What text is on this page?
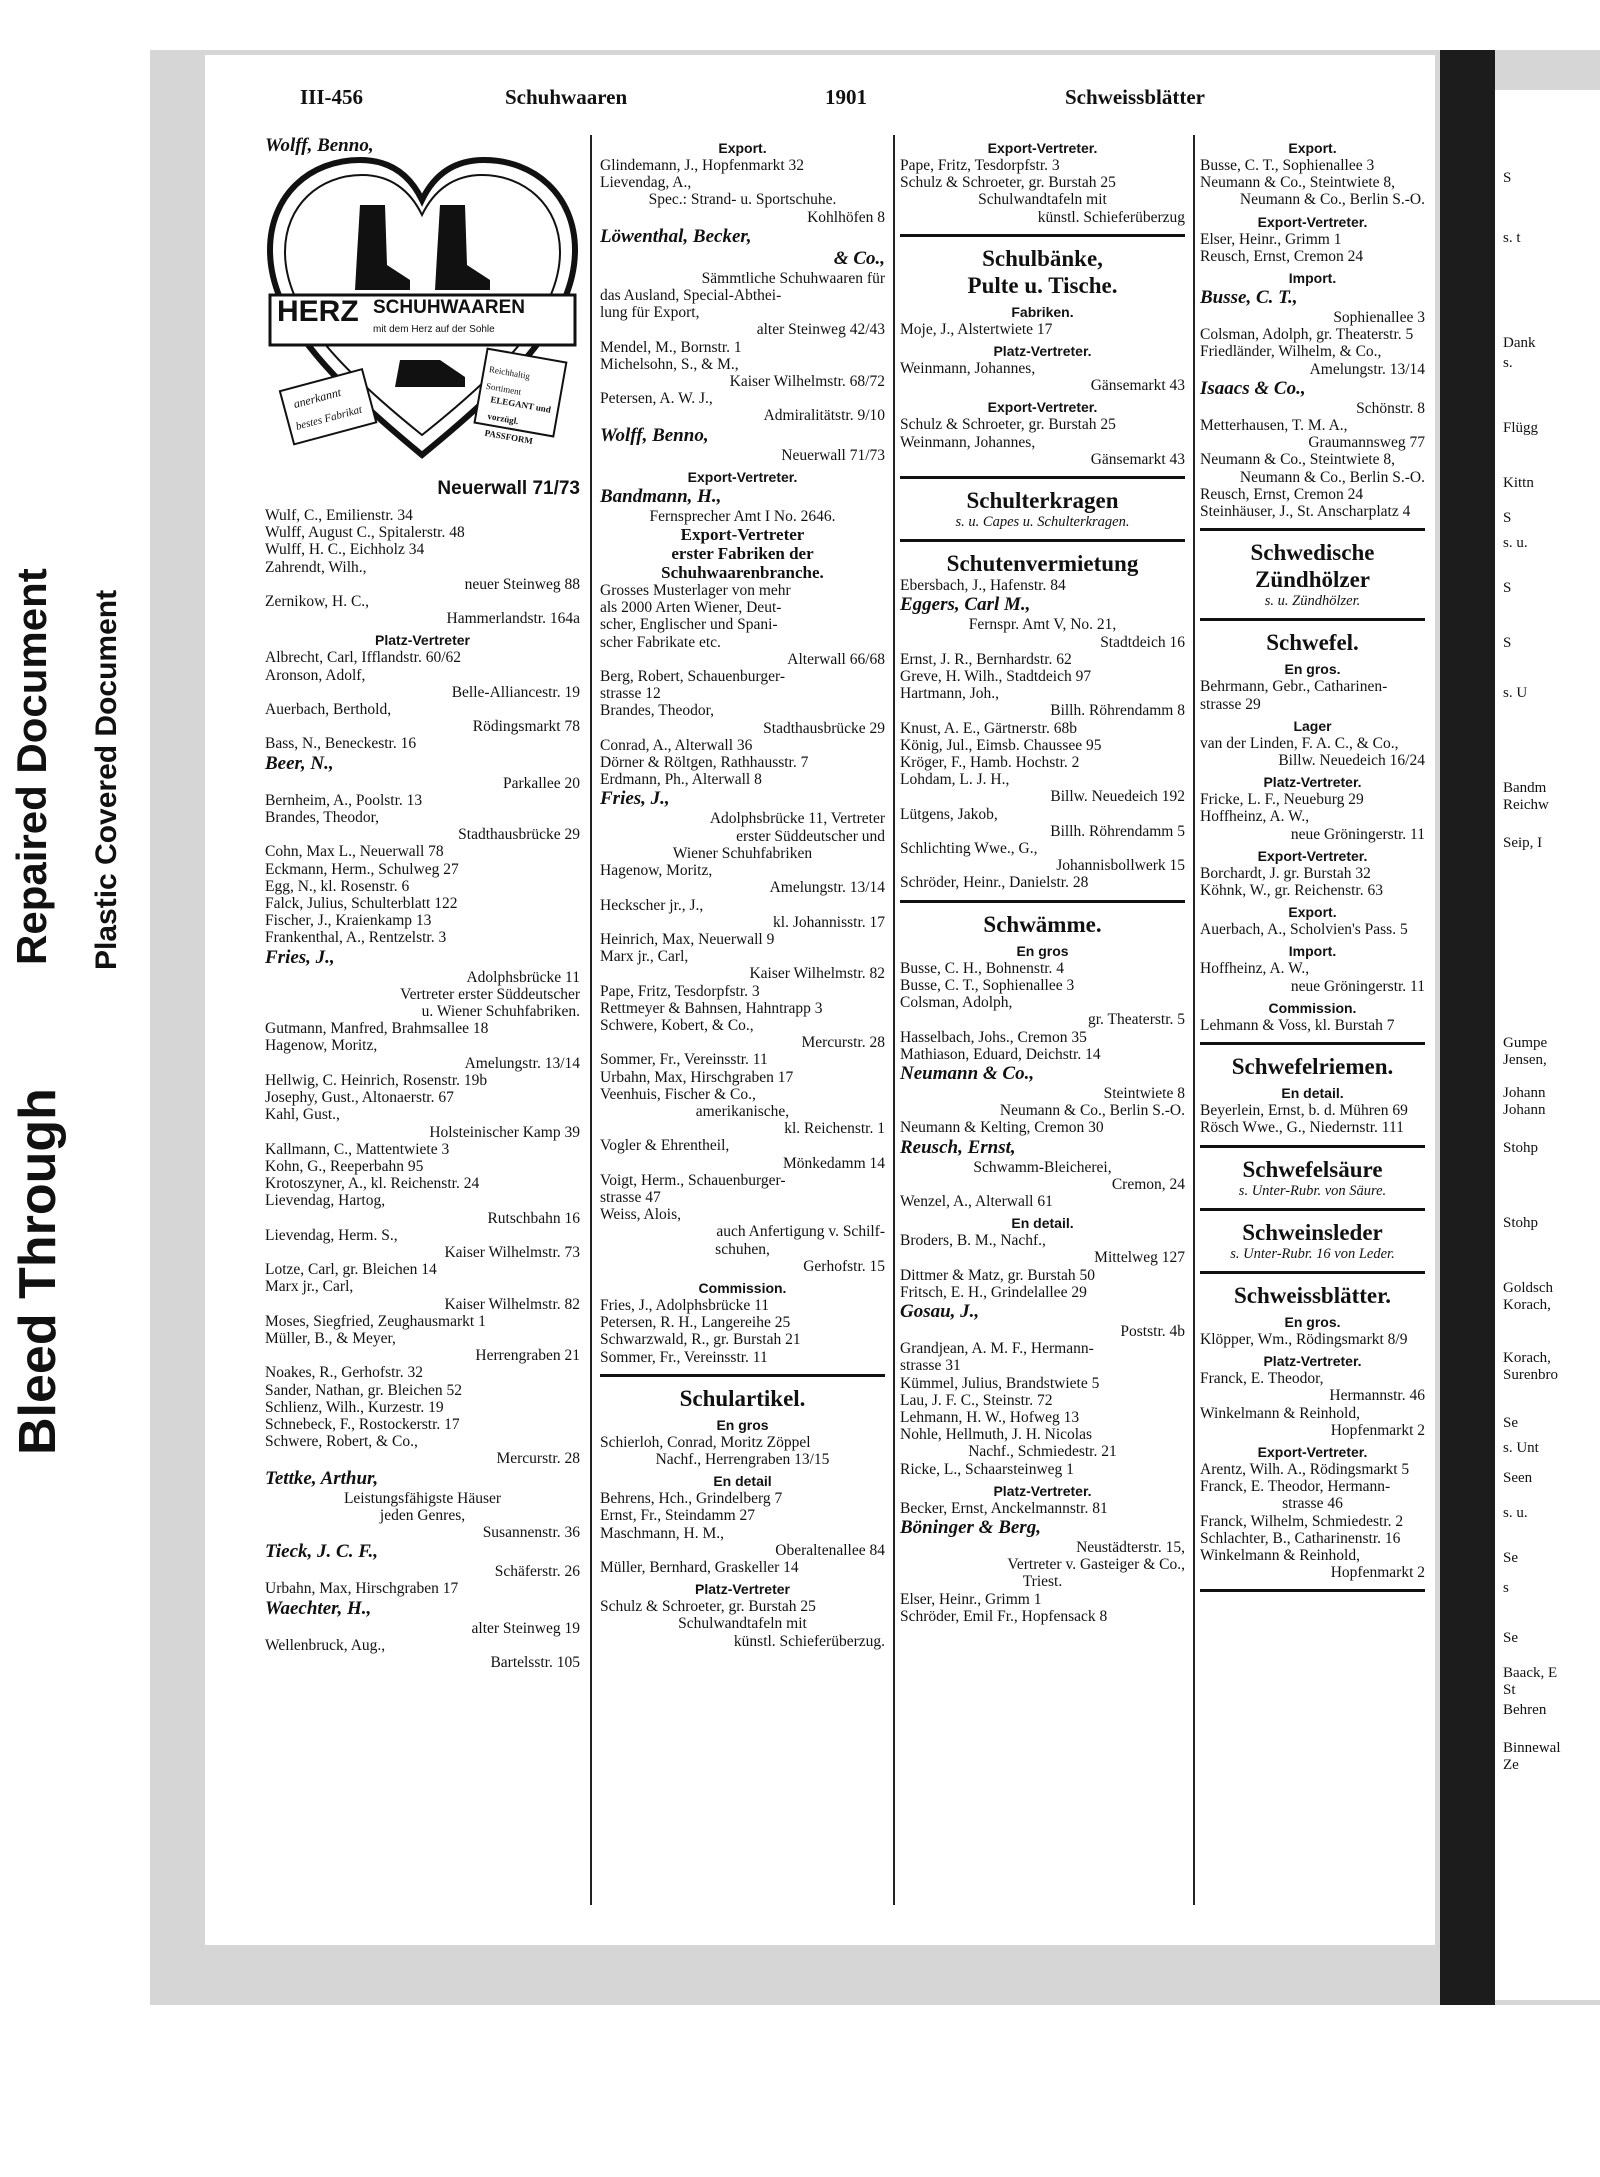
Bleed Through
Repaired Document Plastic Covered Document
III-456	Schuhwaaren	1901	Schweissblätter
Wolff, Benno,
HERZ SCHUHWAAREN
mit dem Herz auf der Sohle
anerkannt
bestes Fabrikat
Reichhaltig Sortiment
ELEGANT und vorzügl. PASSFORM
Neuerwall 71/73
Wulf, C., Emilienstr. 34
Wulff, August C., Spitalerstr. 48
Wulff, H. C., Eichholz 34
Zahrendt, Wilh.,
neuer Steinweg 88
Zernikow, H. C.,
Hammerlandstr. 164a
Platz-Vertreter
Albrecht, Carl, Ifflandstr. 60/62
Aronson, Adolf,
Belle-Alliancestr. 19
Auerbach, Berthold,
Rödingsmarkt 78
Bass, N., Beneckestr. 16
Beer, N.,
Parkallee 20
Bernheim, A., Poolstr. 13
Brandes, Theodor,
Stadthausbrücke 29
Cohn, Max L., Neuerwall 78
Eckmann, Herm., Schulweg 27
Egg, N., kl. Rosenstr. 6
Falck, Julius, Schulterblatt 122
Fischer, J., Kraienkamp 13
Frankenthal, A., Rentzelstr. 3
Fries, J.,
Adolphsbrücke 11
Vertreter erster Süddeutscher
u. Wiener Schuhfabriken.
Gutmann, Manfred, Brahmsallee 18
Hagenow, Moritz,
Amelungstr. 13/14
Hellwig, C. Heinrich, Rosenstr. 19b
Josephy, Gust., Altonaerstr. 67
Kahl, Gust.,
Holsteinischer Kamp 39
Kallmann, C., Mattentwiete 3
Kohn, G., Reeperbahn 95
Krotoszyner, A., kl. Reichenstr. 24
Lievendag, Hartog,
Rutschbahn 16
Lievendag, Herm. S.,
Kaiser Wilhelmstr. 73
Lotze, Carl, gr. Bleichen 14
Marx jr., Carl,
Kaiser Wilhelmstr. 82
Moses, Siegfried, Zeughausmarkt 1
Müller, B., & Meyer,
Herrengraben 21
Noakes, R., Gerhofstr. 32
Sander, Nathan, gr. Bleichen 52
Schlienz, Wilh., Kurzestr. 19
Schnebeck, F., Rostockerstr. 17
Schwere, Robert, & Co.,
Mercurstr. 28
Tettke, Arthur,
Leistungsfähigste Häuser
jeden Genres,
Susannenstr. 36
Tieck, J. C. F.,
Schäferstr. 26
Urbahn, Max, Hirschgraben 17
Waechter, H.,
alter Steinweg 19
Wellenbruck, Aug.,
Bartelsstr. 105
Export.
Glindemann, J., Hopfenmarkt 32
Lievendag, A.,
Spec.: Strand- u. Sportschuhe.
Kohlhöfen 8
Löwenthal, Becker,
& Co.,
Sämmtliche Schuhwaaren für
das Ausland, Special-Abthei-
lung für Export,
alter Steinweg 42/43
Mendel, M., Bornstr. 1
Michelsohn, S., & M.,
Kaiser Wilhelmstr. 68/72
Petersen, A. W. J.,
Admiralitätstr. 9/10
Wolff, Benno,
Neuerwall 71/73
Export-Vertreter.
Bandmann, H.,
Fernsprecher Amt I No. 2646.
Export-Vertreter
erster Fabriken der
Schuhwaarenbranche.
Grosses Musterlager von mehr
als 2000 Arten Wiener, Deut-
scher, Englischer und Spani-
scher Fabrikate etc.
Alterwall 66/68
Berg, Robert, Schauenburger-
strasse 12
Brandes, Theodor,
Stadthausbrücke 29
Conrad, A., Alterwall 36
Dörner & Röltgen, Rathhausstr. 7
Erdmann, Ph., Alterwall 8
Fries, J.,
Adolphsbrücke 11, Vertreter
erster Süddeutscher und
Wiener Schuhfabriken
Hagenow, Moritz,
Amelungstr. 13/14
Heckscher jr., J.,
kl. Johannisstr. 17
Heinrich, Max, Neuerwall 9
Marx jr., Carl,
Kaiser Wilhelmstr. 82
Pape, Fritz, Tesdorpfstr. 3
Rettmeyer & Bahnsen, Hahntrapp 3
Schwere, Kobert, & Co.,
Mercurstr. 28
Sommer, Fr., Vereinsstr. 11
Urbahn, Max, Hirschgraben 17
Veenhuis, Fischer & Co.,
amerikanische,
kl. Reichenstr. 1
Vogler & Ehrentheil,
Mönkedamm 14
Voigt, Herm., Schauenburger-
strasse 47
Weiss, Alois,
auch Anfertigung v. Schilf-
schuhen,
Gerhofstr. 15
Commission.
Fries, J., Adolphsbrücke 11
Petersen, R. H., Langereihe 25
Schwarzwald, R., gr. Burstah 21
Sommer, Fr., Vereinsstr. 11
Schulartikel.
En gros
Schierloh, Conrad, Moritz Zöppel
Nachf., Herrengraben 13/15
En detail
Behrens, Hch., Grindelberg 7
Ernst, Fr., Steindamm 27
Maschmann, H. M.,
Oberaltenallee 84
Müller, Bernhard, Graskeller 14
Platz-Vertreter
Schulz & Schroeter, gr. Burstah 25
Schulwandtafeln mit
künstl. Schieferüberzug.
Export-Vertreter.
Pape, Fritz, Tesdorpfstr. 3
Schulz & Schroeter, gr. Burstah 25
Schulwandtafeln mit
künstl. Schieferüberzug
Schulbänke,
Pulte u. Tische.
Fabriken.
Moje, J., Alstertwiete 17
Platz-Vertreter.
Weinmann, Johannes,
Gänsemarkt 43
Export-Vertreter.
Schulz & Schroeter, gr. Burstah 25
Weinmann, Johannes,
Gänsemarkt 43
Schulterkragen
s. u. Capes u. Schulterkragen.
Schutenvermietung
Ebersbach, J., Hafenstr. 84
Eggers, Carl M.,
Fernspr. Amt V, No. 21,
Stadtdeich 16
Ernst, J. R., Bernhardstr. 62
Greve, H. Wilh., Stadtdeich 97
Hartmann, Joh.,
Billh. Röhrendamm 8
Knust, A. E., Gärtnerstr. 68b
König, Jul., Eimsb. Chaussee 95
Kröger, F., Hamb. Hochstr. 2
Lohdam, L. J. H.,
Billw. Neuedeich 192
Lütgens, Jakob,
Billh. Röhrendamm 5
Schlichting Wwe., G.,
Johannisbollwerk 15
Schröder, Heinr., Danielstr. 28
Schwämme.
En gros
Busse, C. H., Bohnenstr. 4
Busse, C. T., Sophienallee 3
Colsman, Adolph,
gr. Theaterstr. 5
Hasselbach, Johs., Cremon 35
Mathiason, Eduard, Deichstr. 14
Neumann & Co.,
Steintwiete 8
Neumann & Co., Berlin S.-O.
Neumann & Kelting, Cremon 30
Reusch, Ernst,
Schwamm-Bleicherei,
Cremon, 24
Wenzel, A., Alterwall 61
En detail.
Broders, B. M., Nachf.,
Mittelweg 127
Dittmer & Matz, gr. Burstah 50
Fritsch, E. H., Grindelallee 29
Gosau, J.,
Poststr. 4b
Grandjean, A. M. F., Hermann-
strasse 31
Kümmel, Julius, Brandstwiete 5
Lau, J. F. C., Steinstr. 72
Lehmann, H. W., Hofweg 13
Nohle, Hellmuth, J. H. Nicolas
Nachf., Schmiedestr. 21
Ricke, L., Schaarsteinweg 1
Platz-Vertreter.
Becker, Ernst, Anckelmannstr. 81
Böninger & Berg,
Neustädterstr. 15,
Vertreter v. Gasteiger & Co.,
Triest.
Elser, Heinr., Grimm 1
Schröder, Emil Fr., Hopfensack 8
Export.
Busse, C. T., Sophienallee 3
Neumann & Co., Steintwiete 8,
Neumann & Co., Berlin S.-O.
Export-Vertreter.
Elser, Heinr., Grimm 1
Reusch, Ernst, Cremon 24
Import.
Busse, C. T.,
Sophienallee 3
Colsman, Adolph, gr. Theaterstr. 5
Friedländer, Wilhelm, & Co.,
Amelungstr. 13/14
Isaacs & Co.,
Schönstr. 8
Metterhausen, T. M. A.,
Graumannsweg 77
Neumann & Co., Steintwiete 8,
Neumann & Co., Berlin S.-O.
Reusch, Ernst, Cremon 24
Steinhäuser, J., St. Anscharplatz 4
Schwedische
Zündhölzer
s. u. Zündhölzer.
Schwefel.
En gros.
Behrmann, Gebr., Catharinen-
strasse 29
Lager
van der Linden, F. A. C., & Co.,
Billw. Neuedeich 16/24
Platz-Vertreter.
Fricke, L. F., Neueburg 29
Hoffheinz, A. W.,
neue Gröningerstr. 11
Export-Vertreter.
Borchardt, J. gr. Burstah 32
Köhnk, W., gr. Reichenstr. 63
Export.
Auerbach, A., Scholvien's Pass. 5
Import.
Hoffheinz, A. W.,
neue Gröningerstr. 11
Commission.
Lehmann & Voss, kl. Burstah 7
Schwefelriemen.
En detail.
Beyerlein, Ernst, b. d. Mühren 69
Rösch Wwe., G., Niedernstr. 111
Schwefelsäure
s. Unter-Rubr. von Säure.
Schweinsleder
s. Unter-Rubr. 16 von Leder.
Schweissblätter.
En gros.
Klöpper, Wm., Rödingsmarkt 8/9
Platz-Vertreter.
Franck, E. Theodor,
Hermannstr. 46
Winkelmann & Reinhold,
Hopfenmarkt 2
Export-Vertreter.
Arentz, Wilh. A., Rödingsmarkt 5
Franck, E. Theodor, Hermann-
strasse 46
Franck, Wilhelm, Schmiedestr. 2
Schlachter, B., Catharinenstr. 16
Winkelmann & Reinhold,
Hopfenmarkt 2
S
s. t
Dank
s.
Flügg
Kittn
S
s. u.
S
S
s. U
Bandm
Reichw
Seip, I
Gumpe
Jensen,
Johann
Johann
Stohp
Stohp
Goldsch
Korach,
Korach,
Surenbro
Se
s. Unt
Seen
s. u.
Se
s
Se
Baack, E
St
Behren
Binnewal
Ze
